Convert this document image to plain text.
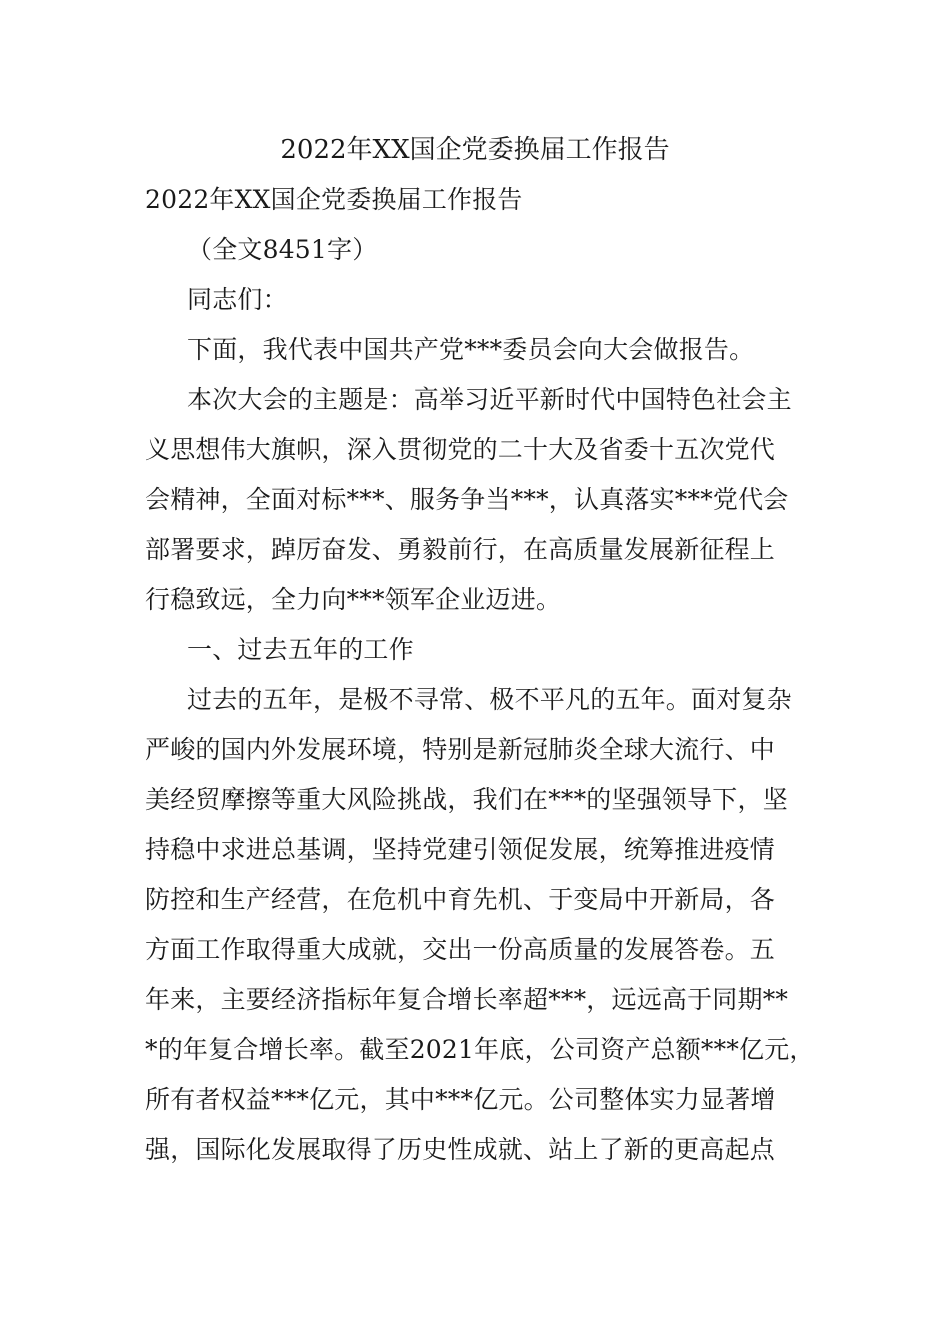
2022年XX国企党委换届工作报告
2022年XX国企党委换届工作报告
（全文8451字）
同志们：
下面，我代表中国共产党***委员会向大会做报告。
本次大会的主题是：高举习近平新时代中国特色社会主
义思想伟大旗帜，深入贯彻党的二十大及省委十五次党代
会精神，全面对标***、服务争当***，认真落实***党代会
部署要求，踔厉奋发、勇毅前行，在高质量发展新征程上
行稳致远，全力向***领军企业迈进。
一、过去五年的工作
过去的五年，是极不寻常、极不平凡的五年。面对复杂
严峻的国内外发展环境，特别是新冠肺炎全球大流行、中
美经贸摩擦等重大风险挑战，我们在***的坚强领导下，坚
持稳中求进总基调，坚持党建引领促发展，统筹推进疫情
防控和生产经营，在危机中育先机、于变局中开新局，各
方面工作取得重大成就，交出一份高质量的发展答卷。五
年来，主要经济指标年复合增长率超***，远远高于同期**
*的年复合增长率。截至2021年底，公司资产总额***亿元，
所有者权益***亿元，其中***亿元。公司整体实力显著增
强，国际化发展取得了历史性成就、站上了新的更高起点
